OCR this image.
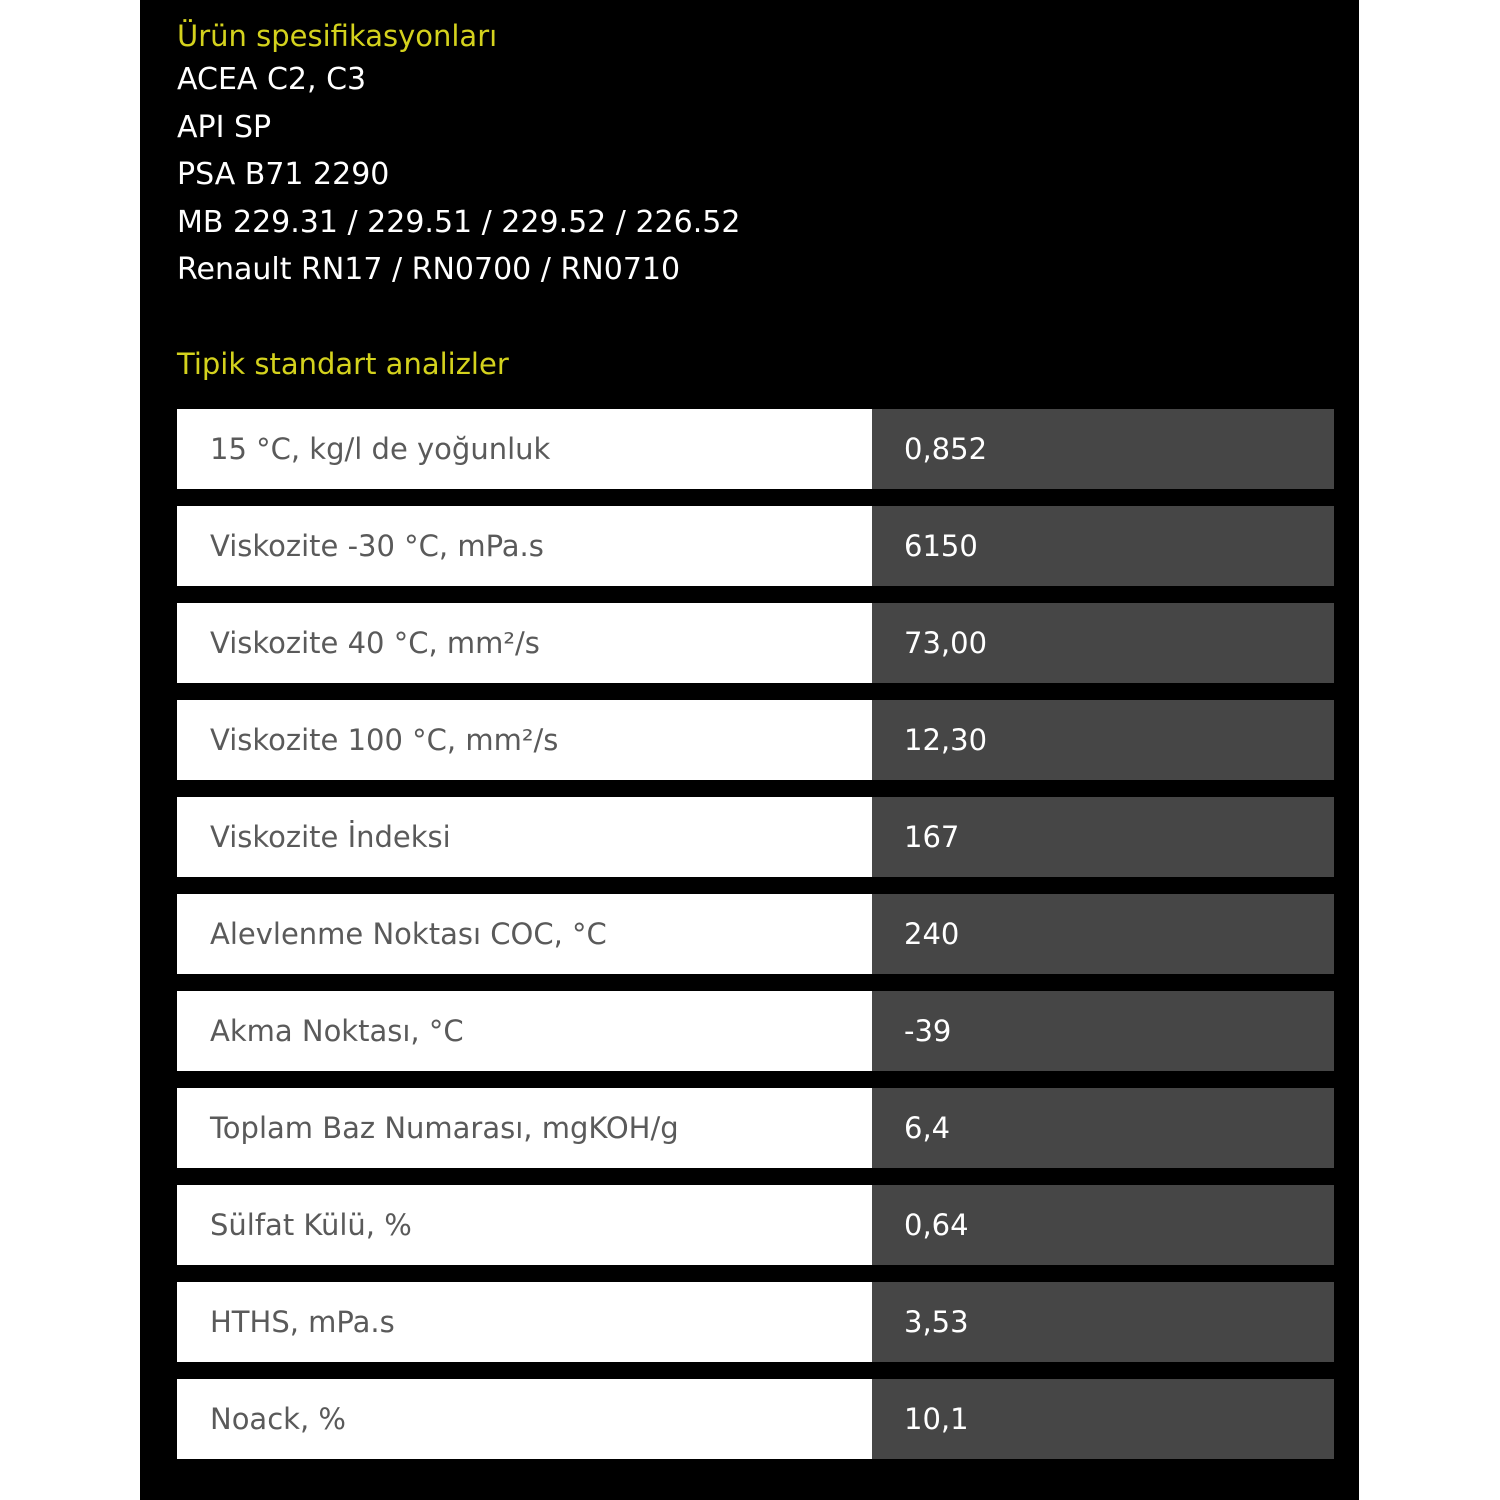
Ürün spesifikasyonları
ACEA C2, C3
API SP
PSA B71 2290
MB 229.31 / 229.51 / 229.52 / 226.52
Renault RN17 / RN0700 / RN0710
Tipik standart analizler
15 °C, kg/l de yoğunluk	0,852
Viskozite -30 °C, mPa.s	6150
Viskozite 40 °C, mm²/s	73,00
Viskozite 100 °C, mm²/s	12,30
Viskozite İndeksi	167
Alevlenme Noktası COC, °C	240
Akma Noktası, °C	-39
Toplam Baz Numarası, mgKOH/g	6,4
Sülfat Külü, %	0,64
HTHS, mPa.s	3,53
Noack, %	10,1
